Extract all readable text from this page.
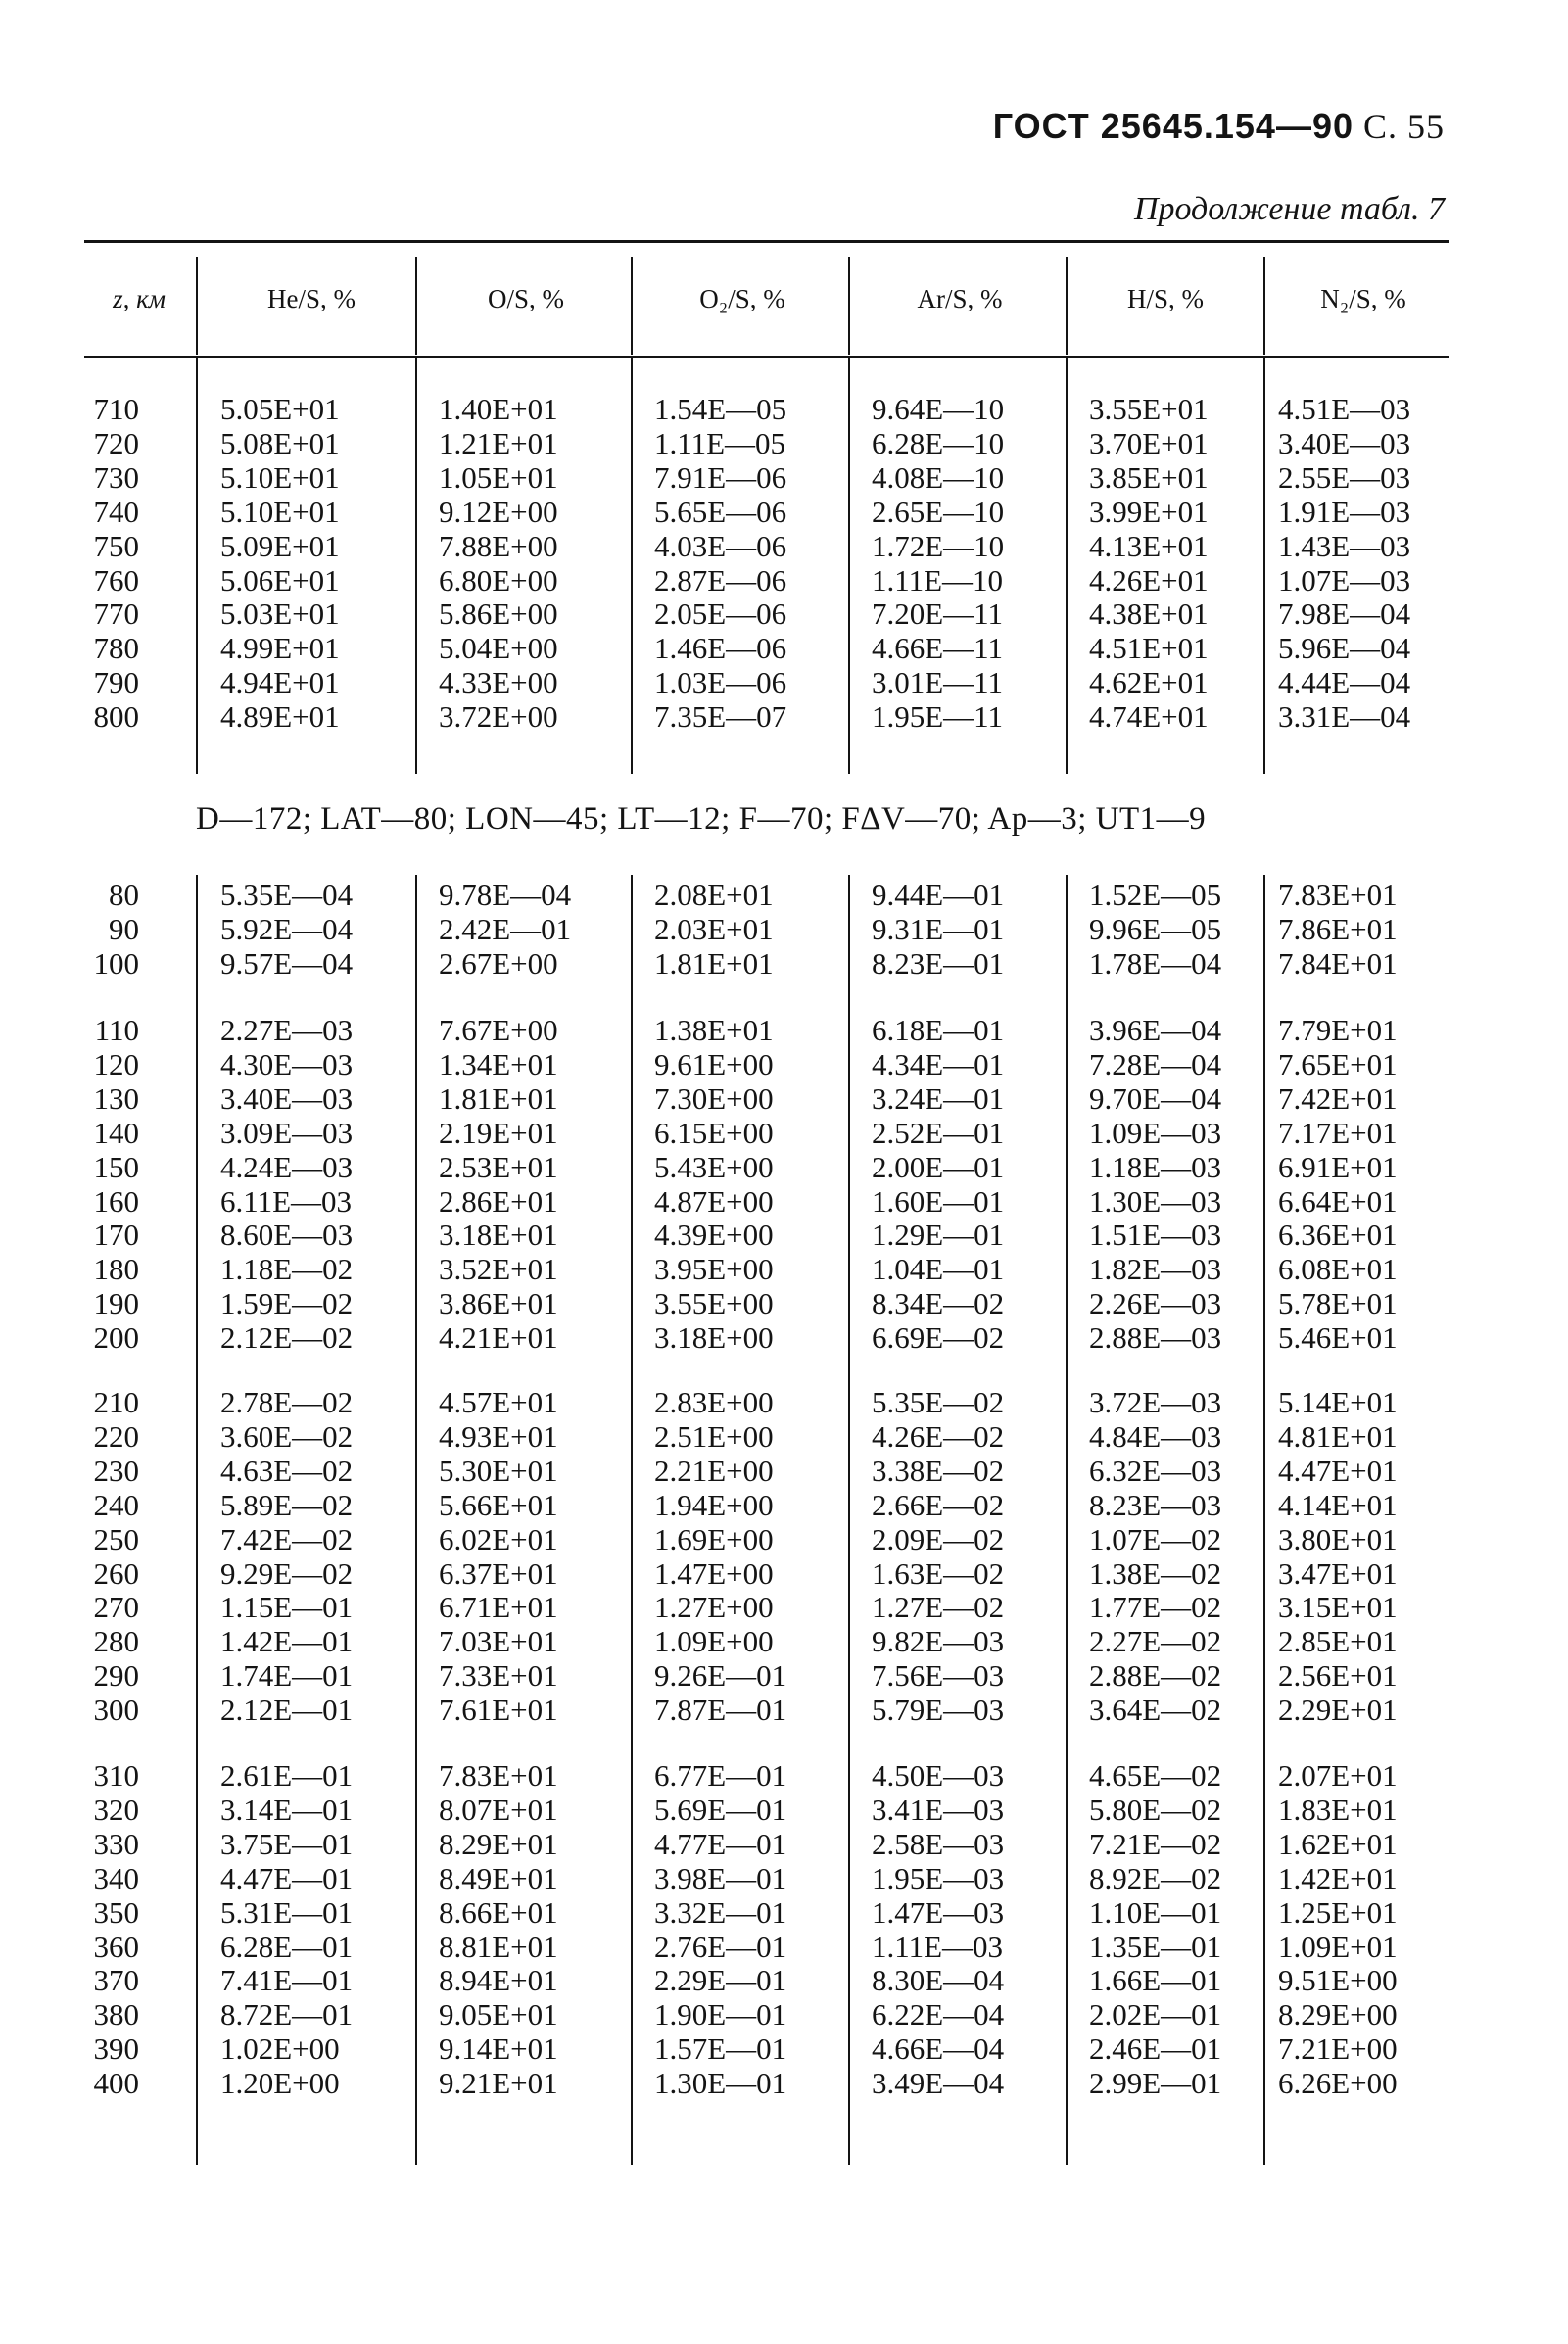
ГОСТ 25645.154—90 С. 55
Продолжение табл. 7
z, км	He/S, %	O/S, %	O₂/S, %	Ar/S, %	H/S, %	N₂/S, %
710	5.05E+01	1.40E+01	1.54E—05	9.64E—10	3.55E+01 4.51E—03
720	5.08E+01	1.21E+01	1.11E—05	6.28E—10	3.70E+01 3.40E—03
730	5.10E+01	1.05E+01	7.91E—06	4.08E—10	3.85E+01 2.55E—03
740	5.10E+01	9.12E+00	5.65E—06	2.65E—10	3.99E+01 1.91E—03
750	5.09E+01	7.88E+00	4.03E—06	1.72E—10	4.13E+01 1.43E—03
760	5.06E+01	6.80E+00	2.87E—06	1.11E—10	4.26E+01 1.07E—03
770	5.03E+01	5.86E+00	2.05E—06	7.20E—11	4.38E+01 7.98E—04
780	4.99E+01	5.04E+00	1.46E—06	4.66E—11	4.51E+01 5.96E—04
790	4.94E+01	4.33E+00	1.03E—06	3.01E—11	4.62E+01 4.44E—04
800	4.89E+01	3.72E+00	7.35E—07	1.95E—11	4.74E+01 3.31E—04
D—172; LAT—80; LON—45; LT—12; F—70; FΔV—70; Ap—3; UT1—9
80	5.35E—04	9.78E—04	2.08E+01	9.44E—01	1.52E—05 7.83E+01
90	5.92E—04	2.42E—01	2.03E+01	9.31E—01	9.96E—05 7.86E+01
100	9.57E—04	2.67E+00	1.81E+01	8.23E—01	1.78E—04 7.84E+01
110	2.27E—03	7.67E+00	1.38E+01	6.18E—01	3.96E—04 7.79E+01
120	4.30E—03	1.34E+01	9.61E+00	4.34E—01	7.28E—04 7.65E+01
130	3.40E—03	1.81E+01	7.30E+00	3.24E—01	9.70E—04 7.42E+01
140	3.09E—03	2.19E+01	6.15E+00	2.52E—01	1.09E—03 7.17E+01
150	4.24E—03	2.53E+01	5.43E+00	2.00E—01	1.18E—03 6.91E+01
160	6.11E—03	2.86E+01	4.87E+00	1.60E—01	1.30E—03 6.64E+01
170	8.60E—03	3.18E+01	4.39E+00	1.29E—01	1.51E—03 6.36E+01
180	1.18E—02	3.52E+01	3.95E+00	1.04E—01	1.82E—03 6.08E+01
190	1.59E—02	3.86E+01	3.55E+00	8.34E—02	2.26E—03 5.78E+01
200	2.12E—02	4.21E+01	3.18E+00	6.69E—02	2.88E—03 5.46E+01
210	2.78E—02	4.57E+01	2.83E+00	5.35E—02	3.72E—03 5.14E+01
220	3.60E—02	4.93E+01	2.51E+00	4.26E—02	4.84E—03 4.81E+01
230	4.63E—02	5.30E+01	2.21E+00	3.38E—02	6.32E—03 4.47E+01
240	5.89E—02	5.66E+01	1.94E+00	2.66E—02	8.23E—03 4.14E+01
250	7.42E—02	6.02E+01	1.69E+00	2.09E—02	1.07E—02 3.80E+01
260	9.29E—02	6.37E+01	1.47E+00	1.63E—02	1.38E—02 3.47E+01
270	1.15E—01	6.71E+01	1.27E+00	1.27E—02	1.77E—02 3.15E+01
280	1.42E—01	7.03E+01	1.09E+00	9.82E—03	2.27E—02 2.85E+01
290	1.74E—01	7.33E+01	9.26E—01	7.56E—03	2.88E—02 2.56E+01
300	2.12E—01	7.61E+01	7.87E—01	5.79E—03	3.64E—02 2.29E+01
310	2.61E—01	7.83E+01	6.77E—01	4.50E—03	4.65E—02 2.07E+01
320	3.14E—01	8.07E+01	5.69E—01	3.41E—03	5.80E—02 1.83E+01
330	3.75E—01	8.29E+01	4.77E—01	2.58E—03	7.21E—02 1.62E+01
340	4.47E—01	8.49E+01	3.98E—01	1.95E—03	8.92E—02 1.42E+01
350	5.31E—01	8.66E+01	3.32E—01	1.47E—03	1.10E—01 1.25E+01
360	6.28E—01	8.81E+01	2.76E—01	1.11E—03	1.35E—01 1.09E+01
370	7.41E—01	8.94E+01	2.29E—01	8.30E—04	1.66E—01 9.51E+00
380	8.72E—01	9.05E+01	1.90E—01	6.22E—04	2.02E—01 8.29E+00
390	1.02E+00	9.14E+01	1.57E—01	4.66E—04	2.46E—01 7.21E+00
400	1.20E+00	9.21E+01	1.30E—01	3.49E—04	2.99E—01 6.26E+00
